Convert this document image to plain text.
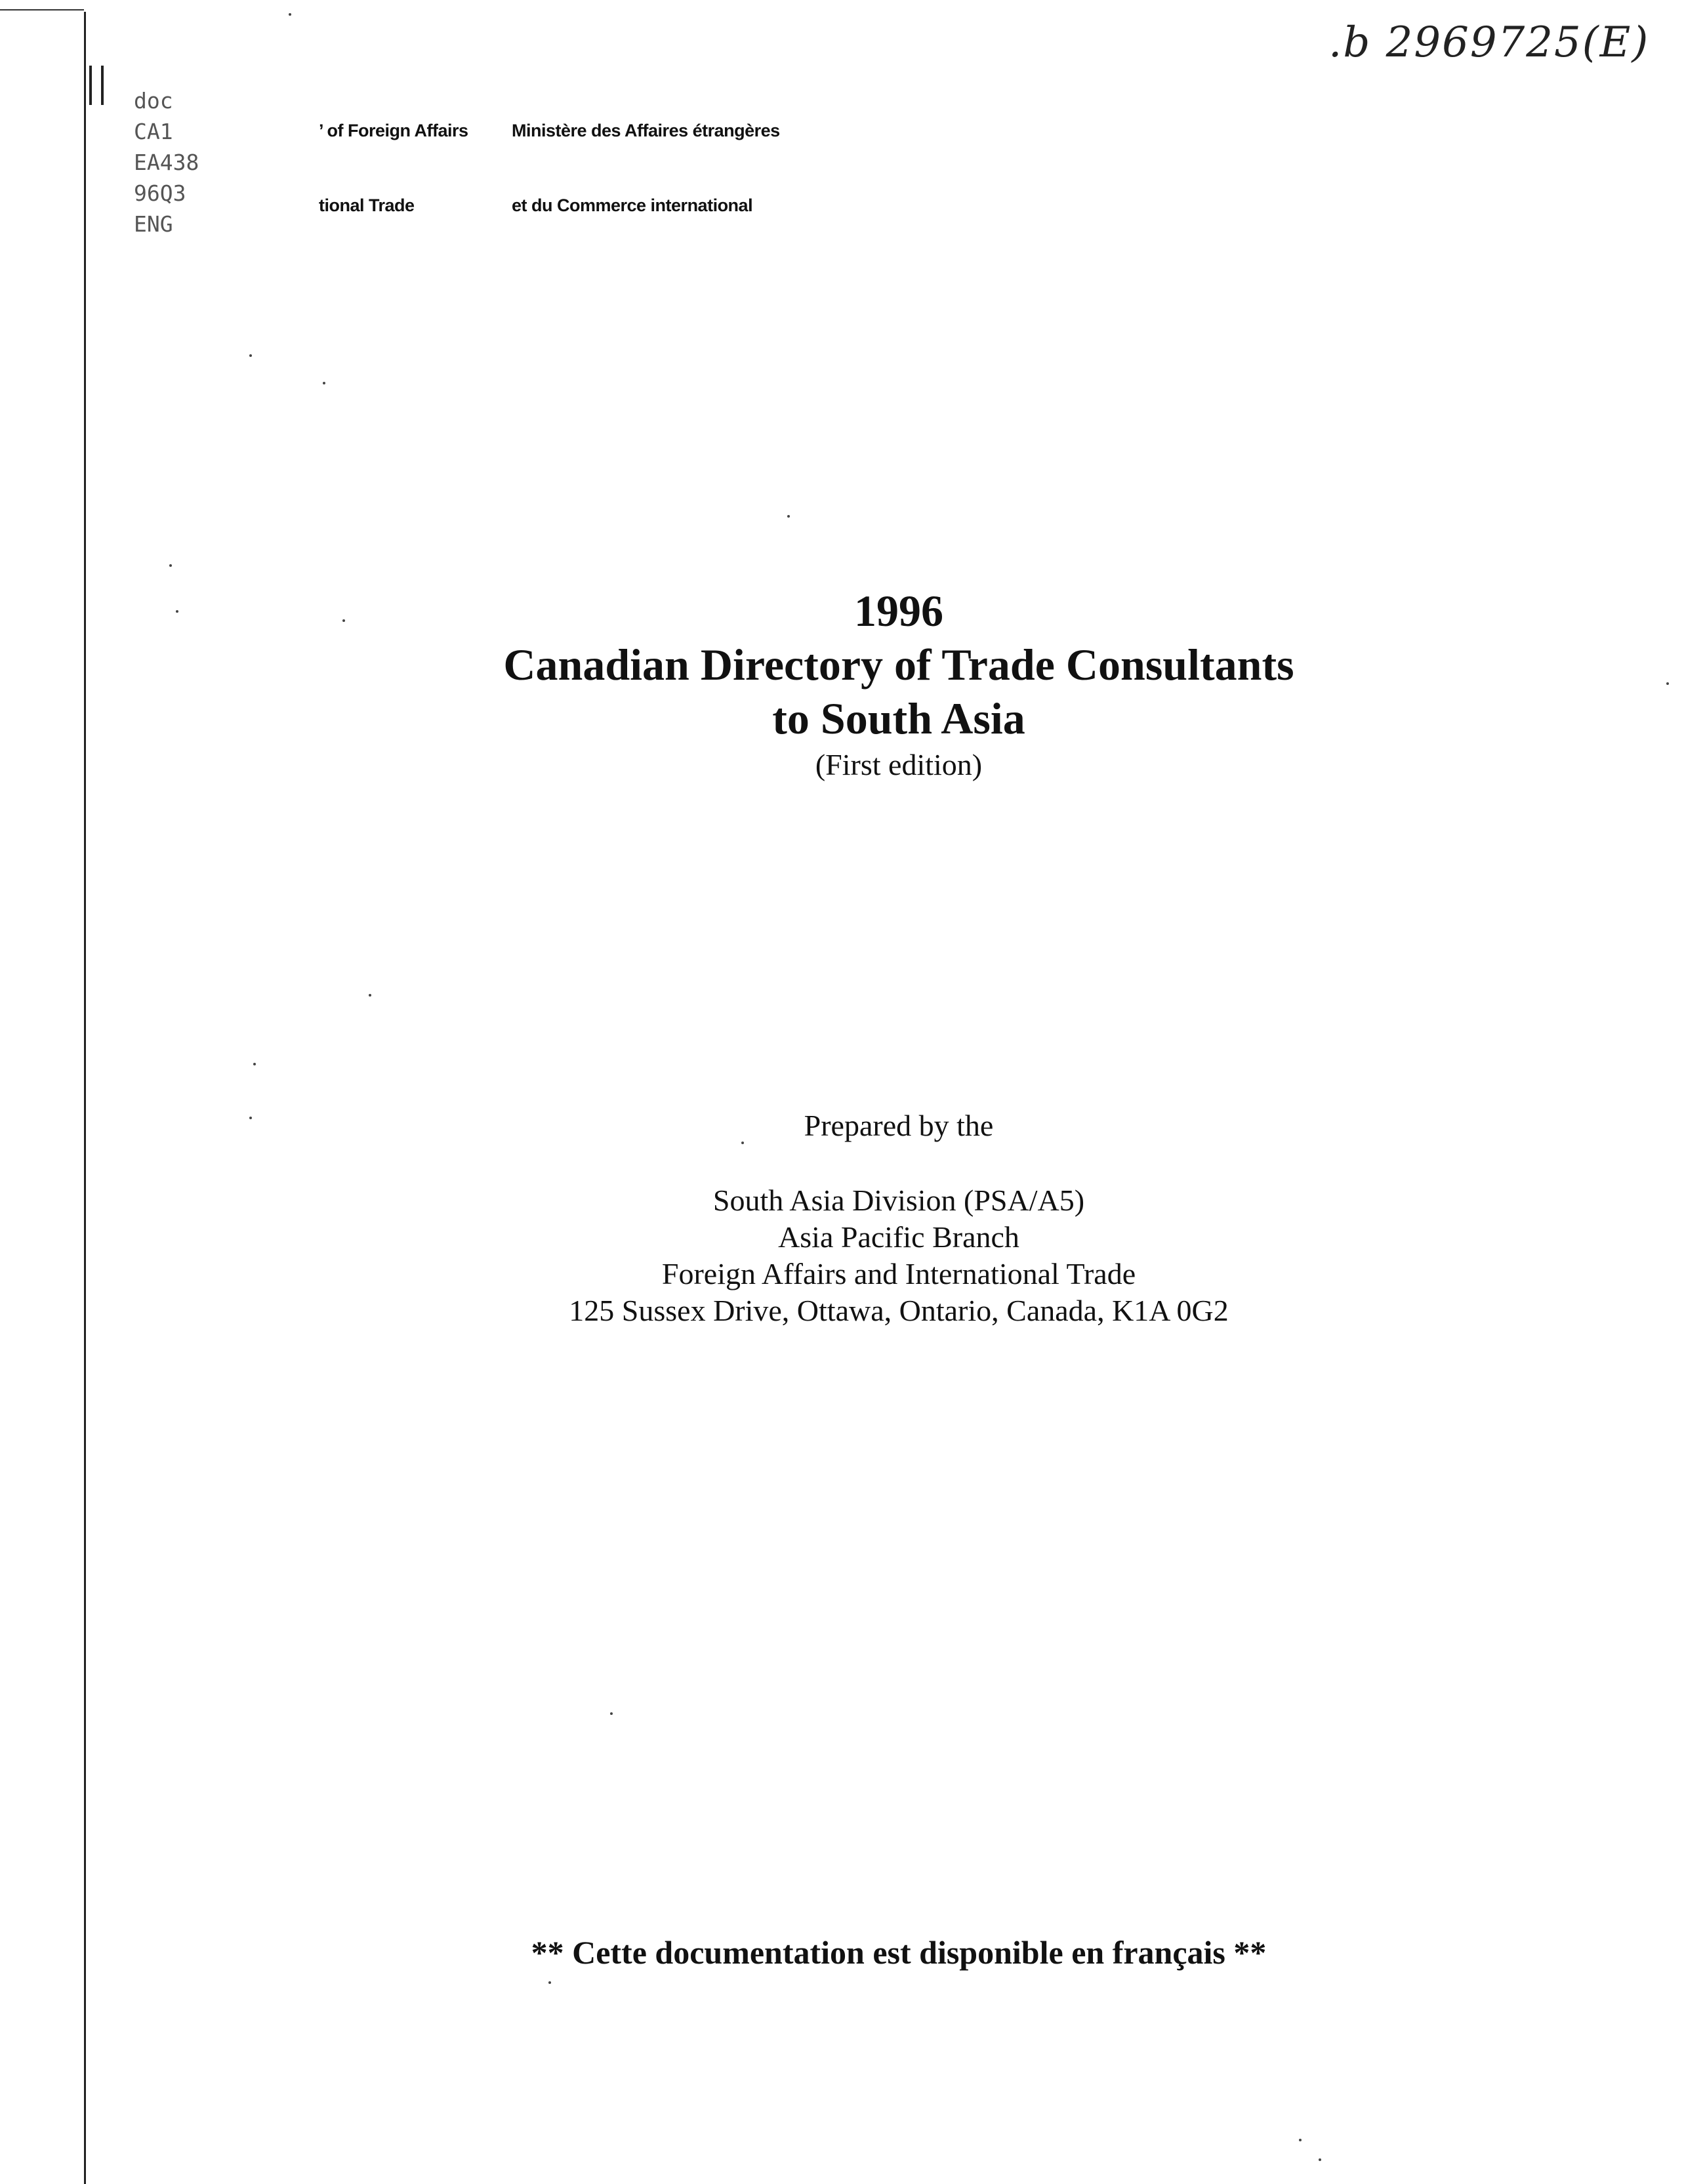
’ of Foreign Affairs

tional Trade

Ministère des Affaires étrangères

et du Commerce international

doc
CA1
EA438
96Q3
ENG
.b 2969725(E)
1996
Canadian Directory of Trade Consultants
to South Asia
(First edition)
Prepared by the
South Asia Division (PSA/A5)
Asia Pacific Branch
Foreign Affairs and International Trade
125 Sussex Drive, Ottawa, Ontario, Canada, K1A 0G2
** Cette documentation est disponible en français **
